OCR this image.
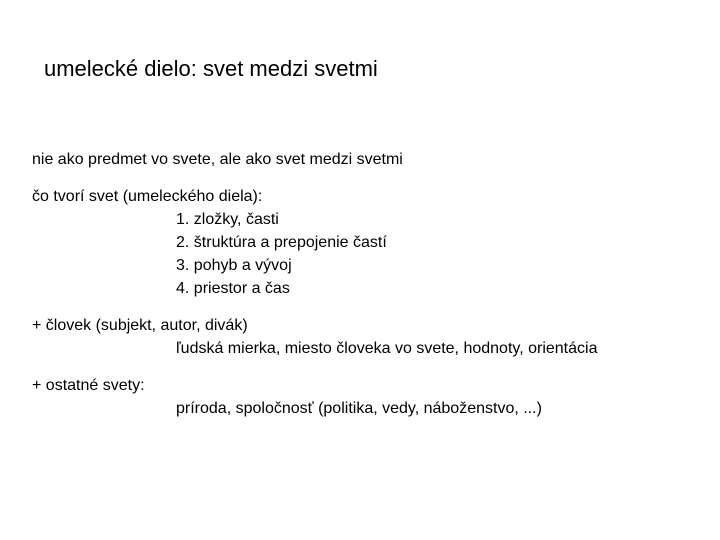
umelecké dielo: svet medzi svetmi
nie ako predmet vo svete, ale ako svet medzi svetmi
čo tvorí svet (umeleckého diela):
1. zložky, časti
2. štruktúra a prepojenie častí
3. pohyb a vývoj
4. priestor a čas
+ človek (subjekt, autor, divák)
ľudská mierka, miesto človeka vo svete, hodnoty, orientácia
+ ostatné svety:
príroda, spoločnosť (politika, vedy, náboženstvo, ...)
